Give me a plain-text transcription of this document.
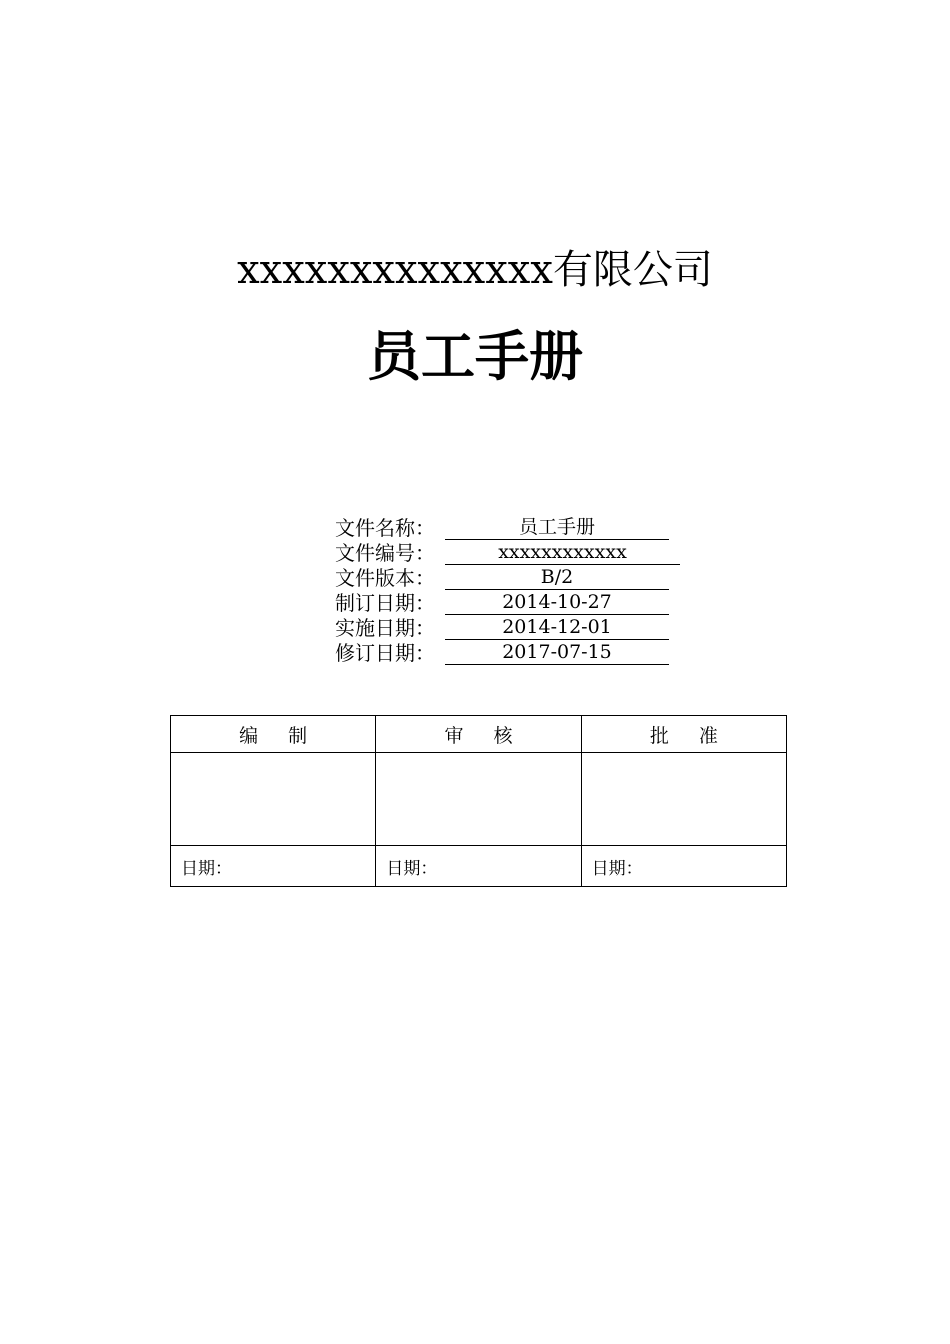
xxxxxxxxxxxxxx有限公司
员工手册
文件名称：	员工手册
文件编号：	xxxxxxxxxxxx
文件版本：	B/2
制订日期：	2014-10-27
实施日期：	2014-12-01
修订日期：	2017-07-15
编 制	审 核	批 准

日期：	日期：	日期：
